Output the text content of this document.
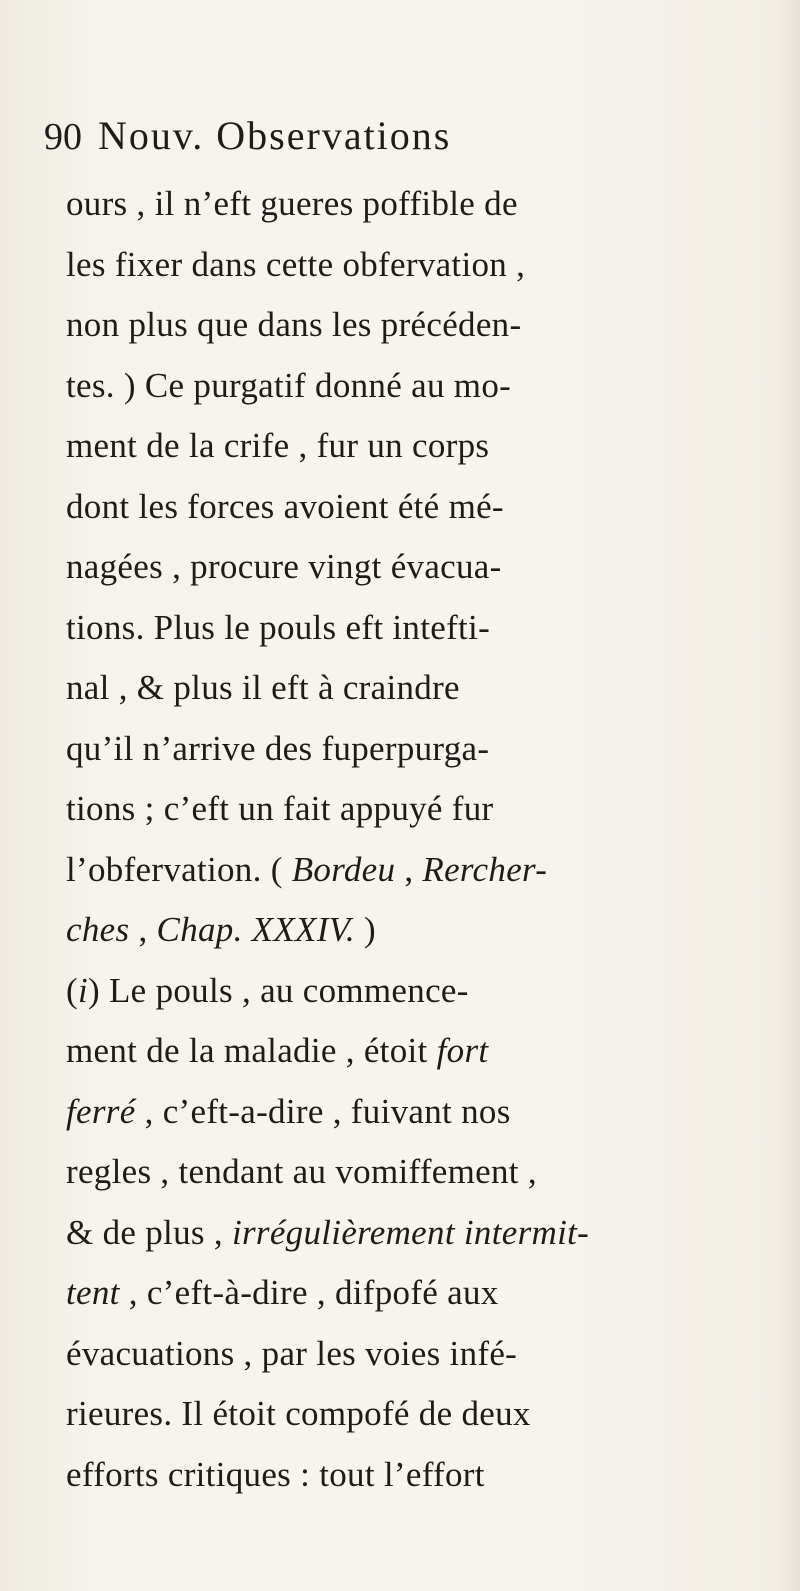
90 Nouv. Observations
ours , il n’eft gueres poffible de
les fixer dans cette obfervation ,
non plus que dans les précéden-
tes. ) Ce purgatif donné au mo-
ment de la crife , fur un corps
dont les forces avoient été mé-
nagées , procure vingt évacua-
tions. Plus le pouls eft intefti-
nal , & plus il eft à craindre
qu’il n’arrive des fuperpurga-
tions ; c’eft un fait appuyé fur
l’obfervation. ( Bordeu , Rercher-
ches , Chap. XXXIV. )
(i) Le pouls , au commence-
ment de la maladie , étoit fort
ferré , c’eft-a-dire , fuivant nos
regles , tendant au vomiffement ,
& de plus , irrégulièrement intermit-
tent , c’eft-à-dire , difpofé aux
évacuations , par les voies infé-
rieures. Il étoit compofé de deux
efforts critiques : tout l’effort
